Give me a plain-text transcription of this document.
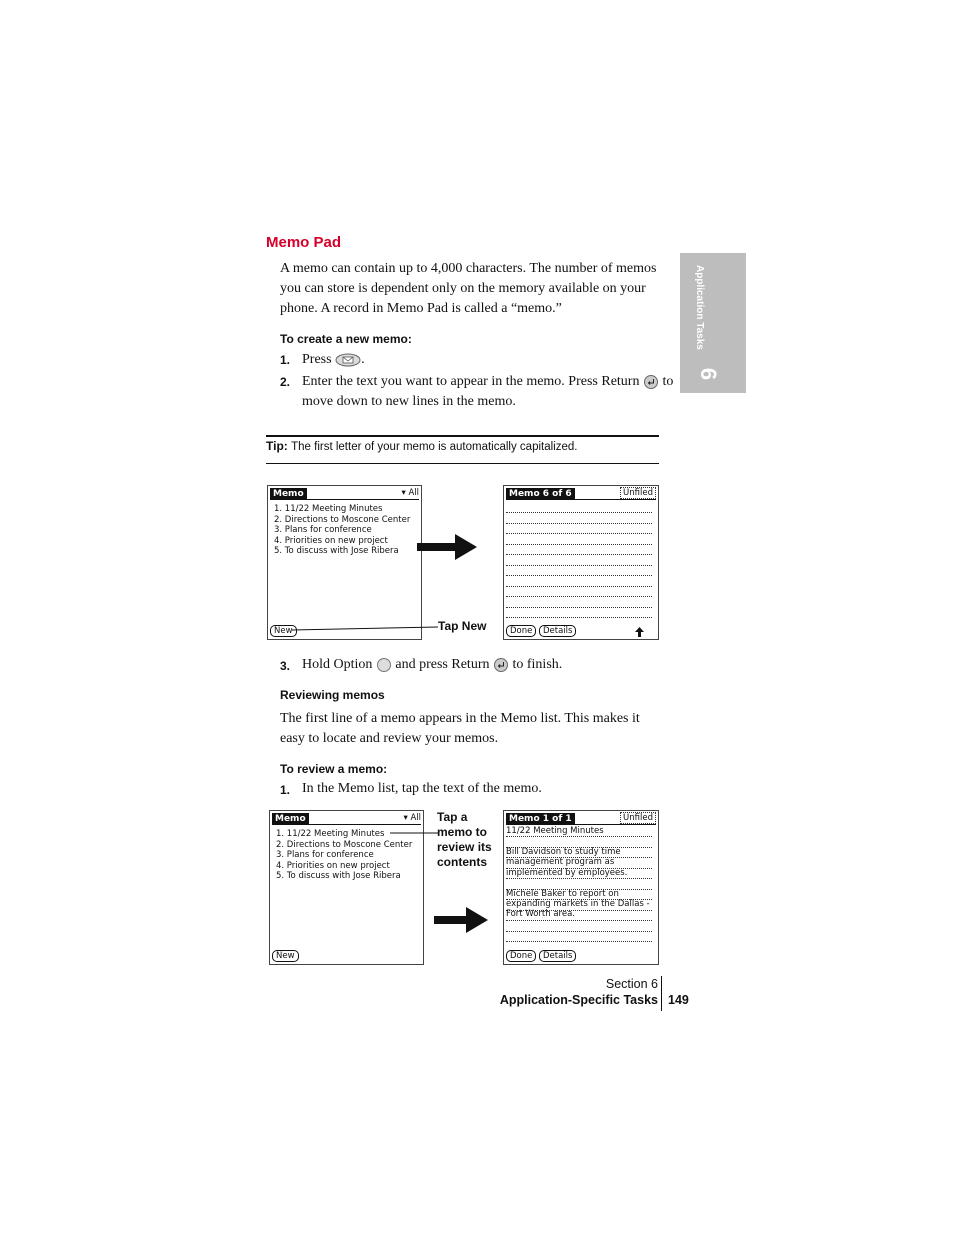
Application Tasks
6
Memo Pad
A memo can contain up to 4,000 characters. The number of memos you can store is dependent only on the memory available on your phone. A record in Memo Pad is called a “memo.”
To create a new memo:
1. Press .
2. Enter the text you want to appear in the memo. Press Return to
move down to new lines in the memo.
Tip: The first letter of your memo is automatically capitalized.
Memo	▾ All
1. 11/22 Meeting Minutes
2. Directions to Moscone Center
3. Plans for conference
4. Priorities on new project
5. To discuss with Jose Ribera
New	Tap New
Memo 6 of 6	Unfiled
Done	Details
3. Hold Option and press Return to finish.
Reviewing memos
The first line of a memo appears in the Memo list. This makes it easy to locate and review your memos.
To review a memo:
1. In the Memo list, tap the text of the memo.
Memo	▾ All
1. 11/22 Meeting Minutes
2. Directions to Moscone Center
3. Plans for conference
4. Priorities on new project
5. To discuss with Jose Ribera
New
Tap a
memo to
review its
contents
Memo 1 of 1	Unfiled
11/22 Meeting Minutes
Bill Davidson to study time
management program as
implemented by employees.
Michele Baker to report on
expanding markets in the Dallas -
Fort Worth area.
Done	Details
Section 6
Application-Specific Tasks 149
